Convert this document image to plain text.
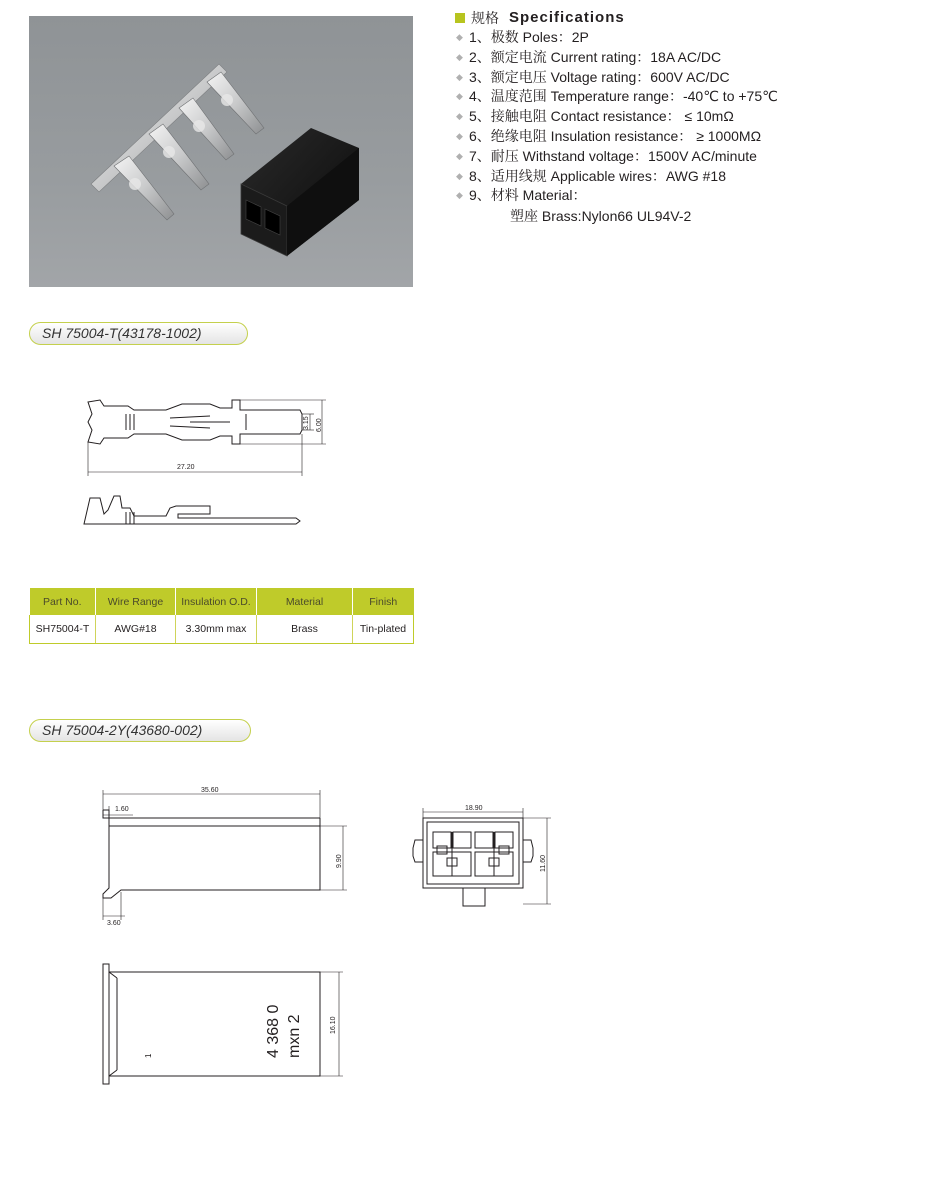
规格 Specifications
◆ 1、极数 Poles：2P
◆ 2、额定电流 Current rating：18A AC/DC
◆ 3、额定电压 Voltage rating：600V AC/DC
◆ 4、温度范围 Temperature range：-40℃ to +75℃
◆ 5、接触电阻 Contact resistance： ≤ 10mΩ
◆ 6、绝缘电阻 Insulation resistance： ≥ 1000MΩ
◆ 7、耐压 Withstand voltage：1500V AC/minute
◆ 8、适用线规 Applicable wires：AWG #18
◆ 9、材料 Material：
塑座 Brass:Nylon66 UL94V-2
SH 75004-T(43178-1002)
3.15 6.00
27.20
Part No.	Wire Range	Insulation O.D.	Material	Finish
SH75004-T	AWG#18	3.30mm max	Brass	Tin-plated
SH 75004-2Y(43680-002)
35.60
1.60
9.90
3.60
18.90
11.60
4 368 0 mxn 2
1
16.10
